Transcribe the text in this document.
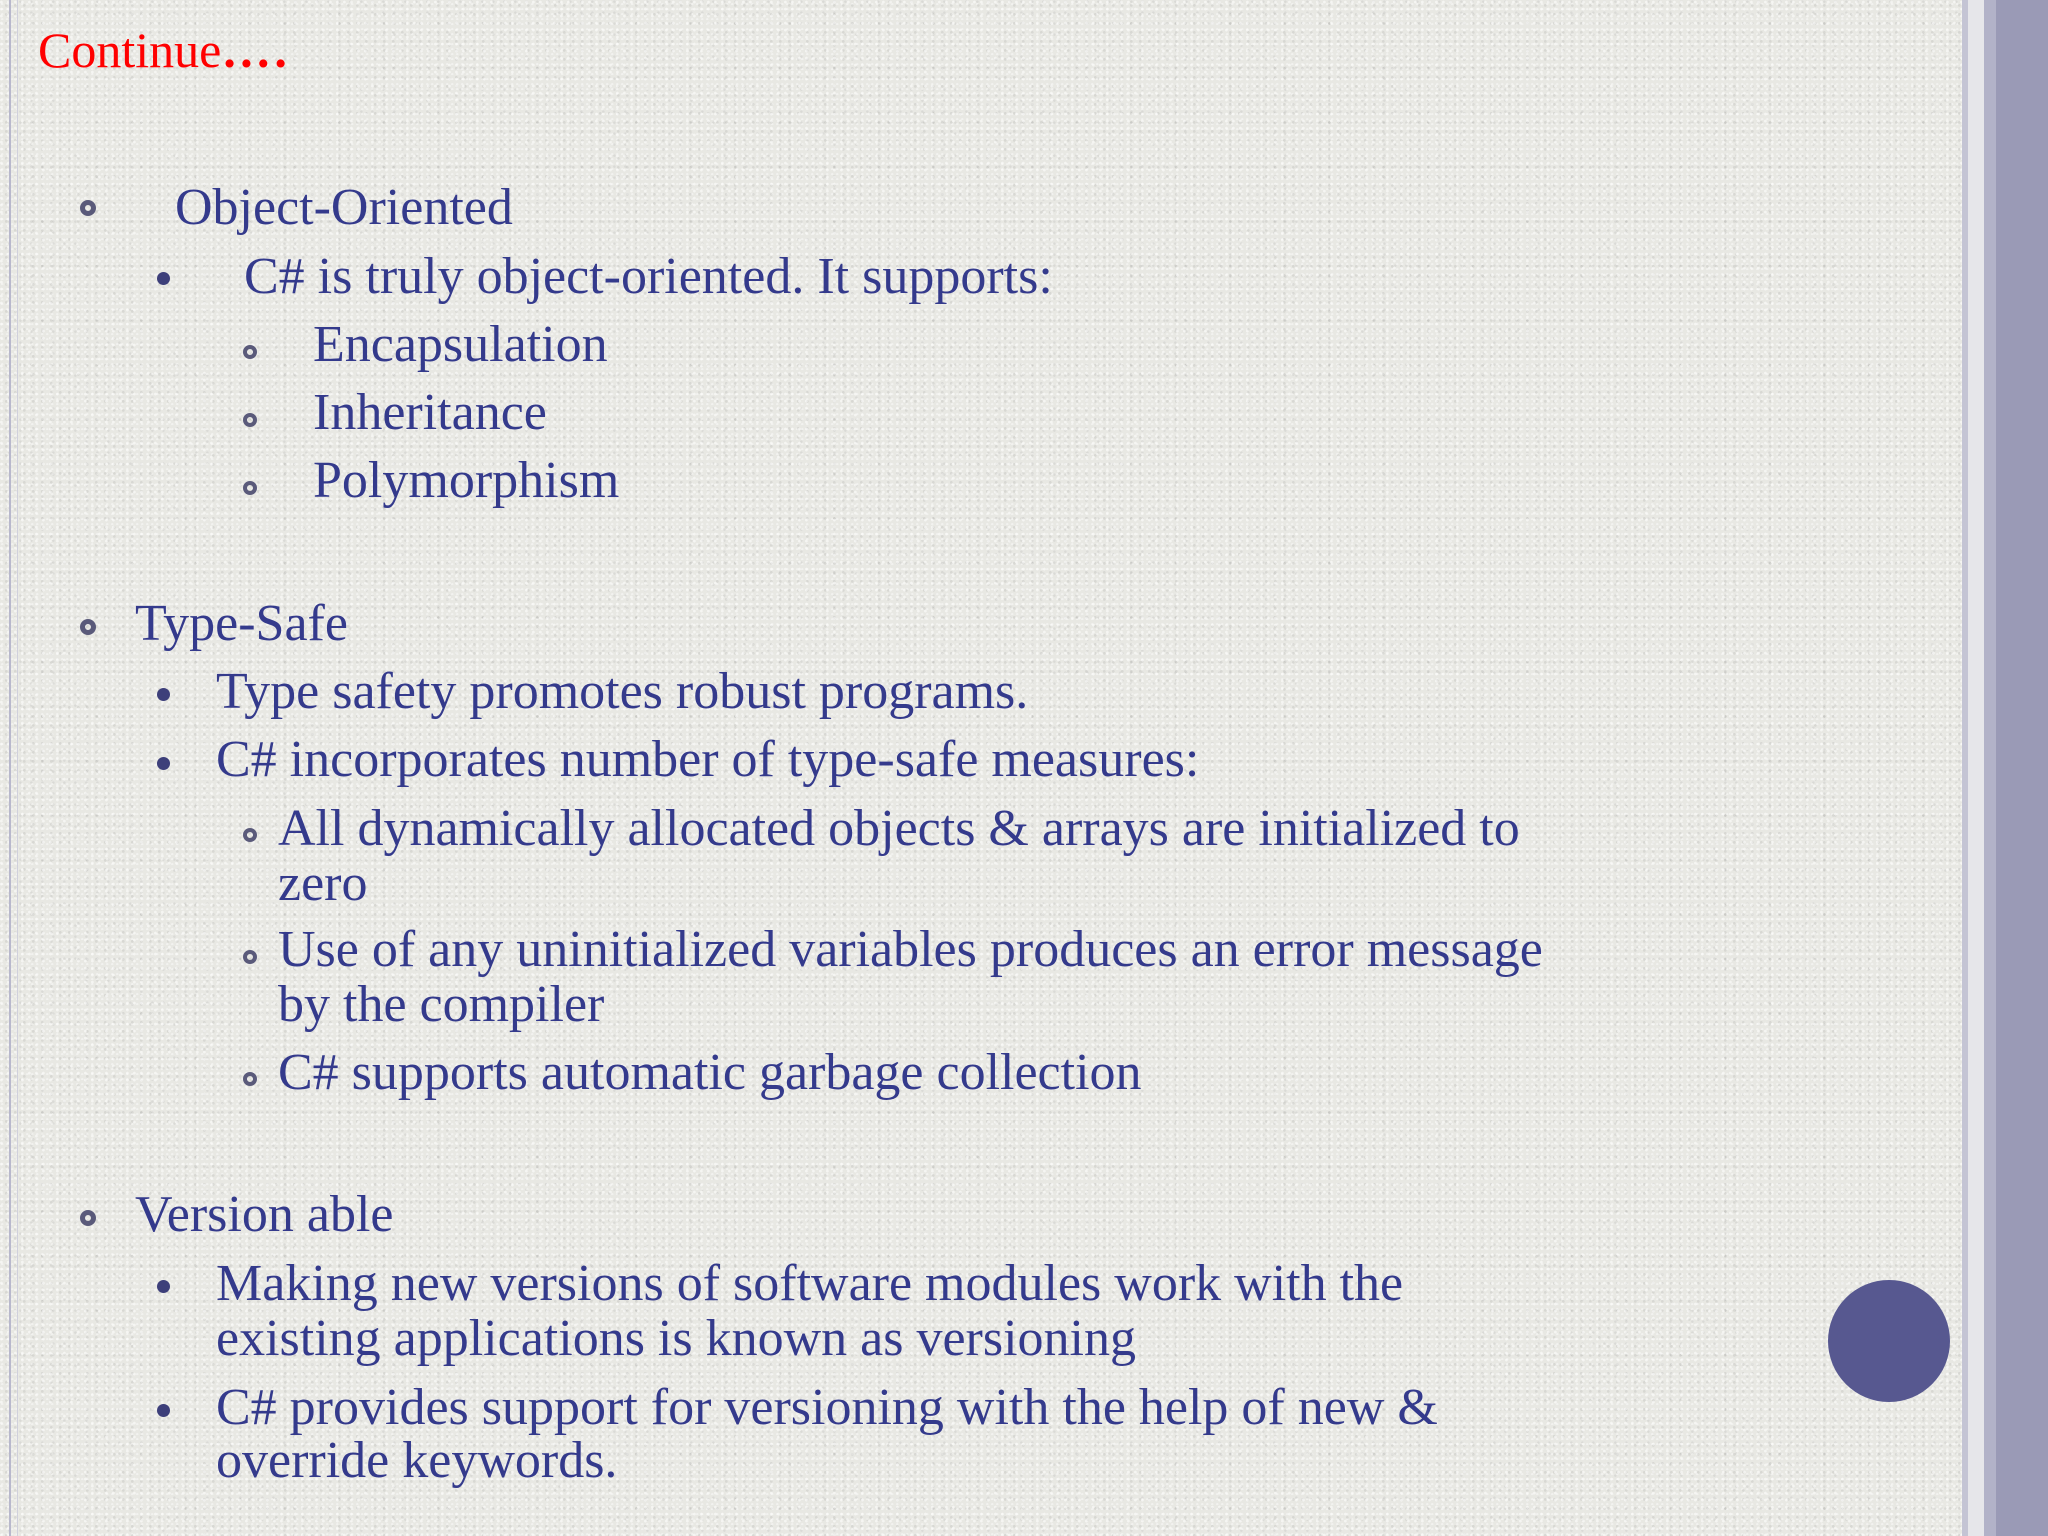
Continue….
Object-Oriented
C# is truly object-oriented. It supports:
Encapsulation
Inheritance
Polymorphism
Type-Safe
Type safety promotes robust programs.
C# incorporates number of type-safe measures:
All dynamically allocated objects & arrays are initialized to
zero
Use of any uninitialized variables produces an error message
by the compiler
C# supports automatic garbage collection
Version able
Making new versions of software modules work with the
existing applications is known as versioning
C# provides support for versioning with the help of new &
override keywords.
